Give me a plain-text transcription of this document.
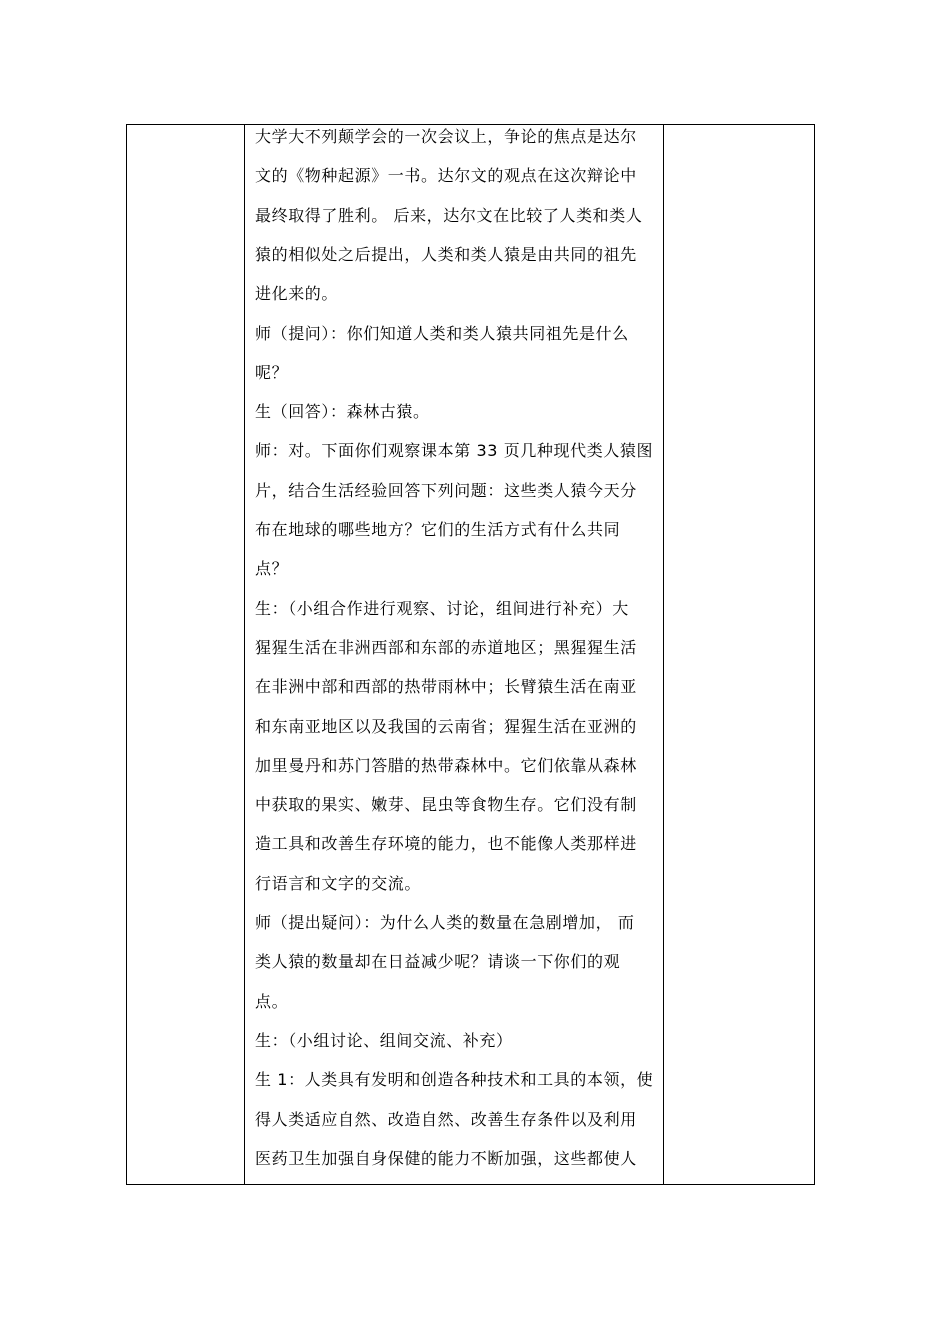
大学大不列颠学会的一次会议上，争论的焦点是达尔
文的《物种起源》一书。达尔文的观点在这次辩论中
最终取得了胜利。 后来，达尔文在比较了人类和类人
猿的相似处之后提出，人类和类人猿是由共同的祖先
进化来的。
师（提问）：你们知道人类和类人猿共同祖先是什么
呢？
生（回答）：森林古猿。
师：对。下面你们观察课本第 33 页几种现代类人猿图
片，结合生活经验回答下列问题：这些类人猿今天分
布在地球的哪些地方？它们的生活方式有什么共同
点？
生：（小组合作进行观察、讨论，组间进行补充）大
猩猩生活在非洲西部和东部的赤道地区；黑猩猩生活
在非洲中部和西部的热带雨林中；长臂猿生活在南亚
和东南亚地区以及我国的云南省；猩猩生活在亚洲的
加里曼丹和苏门答腊的热带森林中。它们依靠从森林
中获取的果实、嫩芽、昆虫等食物生存。它们没有制
造工具和改善生存环境的能力，也不能像人类那样进
行语言和文字的交流。
师（提出疑问）：为什么人类的数量在急剧增加， 而
类人猿的数量却在日益减少呢？请谈一下你们的观
点。
生：（小组讨论、组间交流、补充）
生 1：人类具有发明和创造各种技术和工具的本领，使
得人类适应自然、改造自然、改善生存条件以及利用
医药卫生加强自身保健的能力不断加强，这些都使人
